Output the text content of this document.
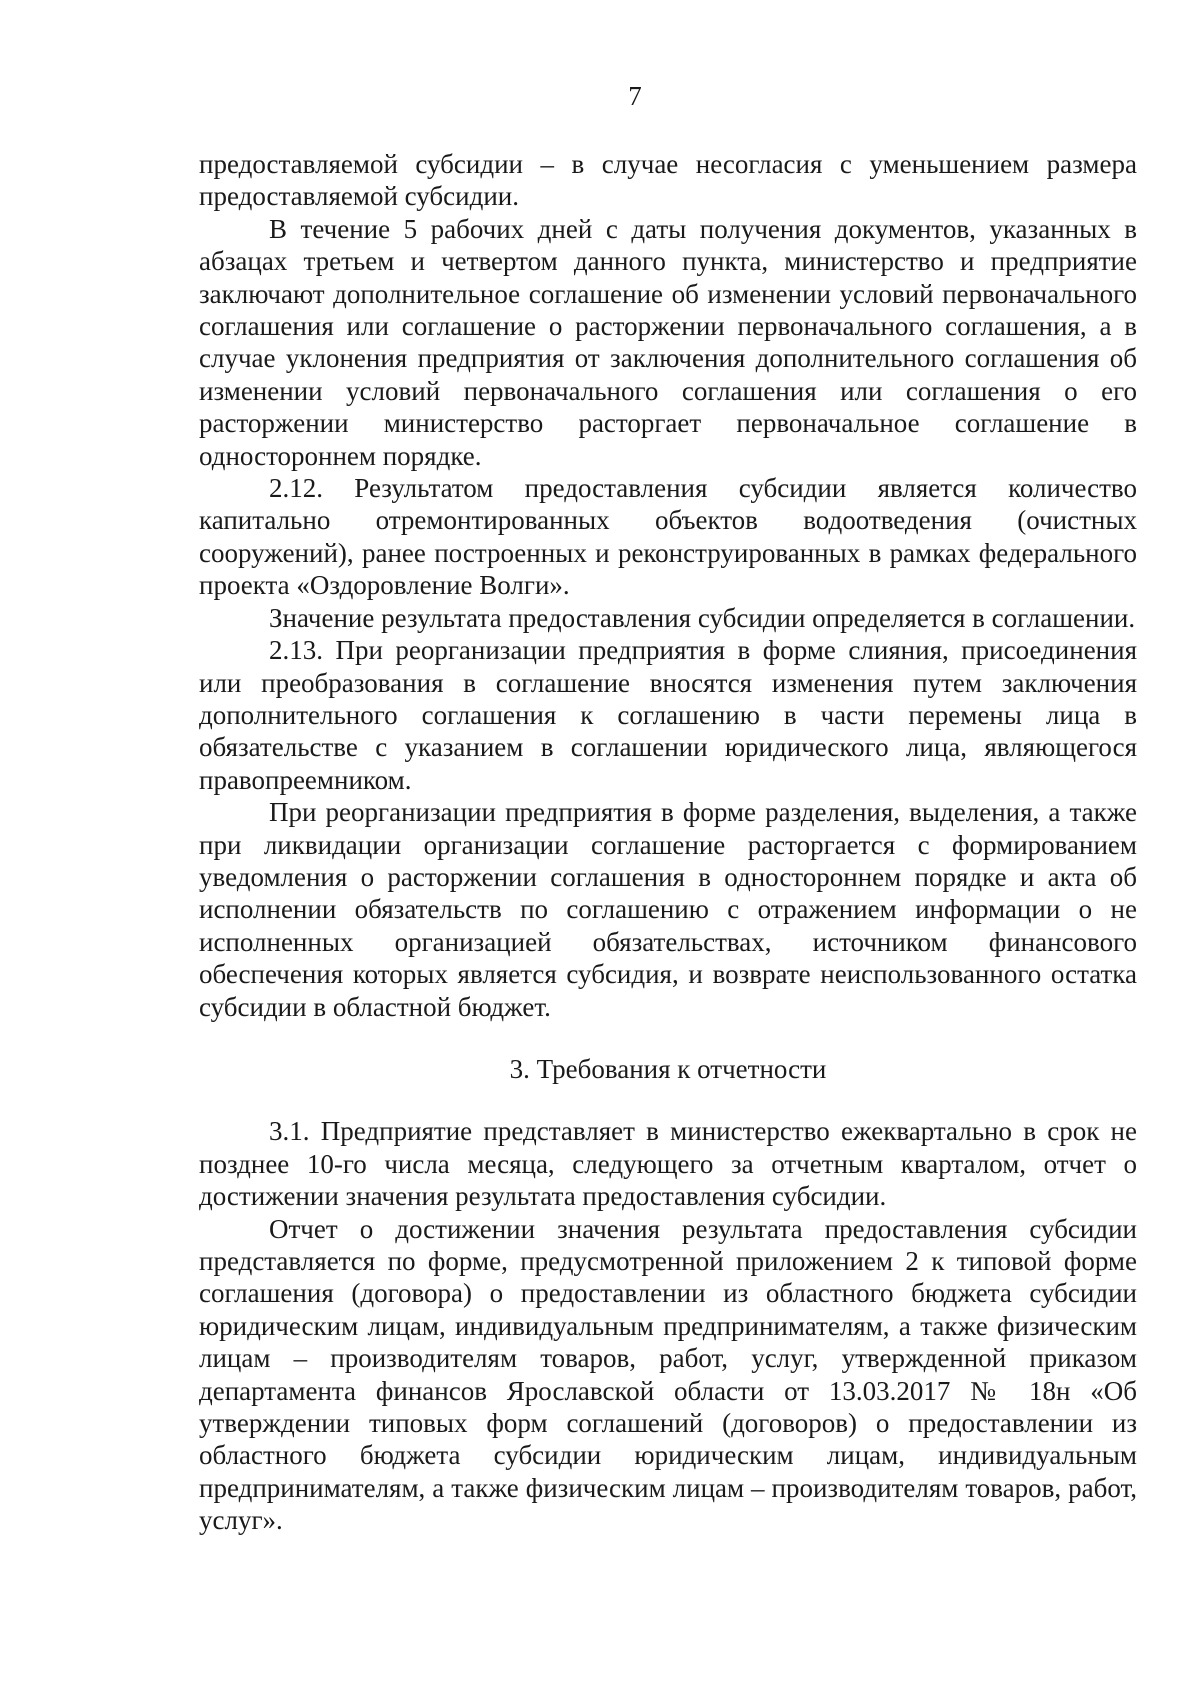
7

предоставляемой субсидии – в случае несогласия с уменьшением размера предоставляемой субсидии.

В течение 5 рабочих дней с даты получения документов, указанных в абзацах третьем и четвертом данного пункта, министерство и предприятие заключают дополнительное соглашение об изменении условий первоначального соглашения или соглашение о расторжении первоначального соглашения, а в случае уклонения предприятия от заключения дополнительного соглашения об изменении условий первоначального соглашения или соглашения о его расторжении министерство расторгает первоначальное соглашение в одностороннем порядке.

2.12. Результатом предоставления субсидии является количество капитально отремонтированных объектов водоотведения (очистных сооружений), ранее построенных и реконструированных в рамках федерального проекта «Оздоровление Волги».

Значение результата предоставления субсидии определяется в соглашении.

2.13. При реорганизации предприятия в форме слияния, присоединения или преобразования в соглашение вносятся изменения путем заключения дополнительного соглашения к соглашению в части перемены лица в обязательстве с указанием в соглашении юридического лица, являющегося правопреемником.

При реорганизации предприятия в форме разделения, выделения, а также при ликвидации организации соглашение расторгается с формированием уведомления о расторжении соглашения в одностороннем порядке и акта об исполнении обязательств по соглашению с отражением информации о не исполненных организацией обязательствах, источником финансового обеспечения которых является субсидия, и возврате неиспользованного остатка субсидии в областной бюджет.

3. Требования к отчетности

3.1. Предприятие представляет в министерство ежеквартально в срок не позднее 10-го числа месяца, следующего за отчетным кварталом, отчет о достижении значения результата предоставления субсидии.

Отчет о достижении значения результата предоставления субсидии представляется по форме, предусмотренной приложением 2 к типовой форме соглашения (договора) о предоставлении из областного бюджета субсидии юридическим лицам, индивидуальным предпринимателям, а также физическим лицам – производителям товаров, работ, услуг, утвержденной приказом департамента финансов Ярославской области от 13.03.2017 № 18н «Об утверждении типовых форм соглашений (договоров) о предоставлении из областного бюджета субсидии юридическим лицам, индивидуальным предпринимателям, а также физическим лицам – производителям товаров, работ, услуг».
